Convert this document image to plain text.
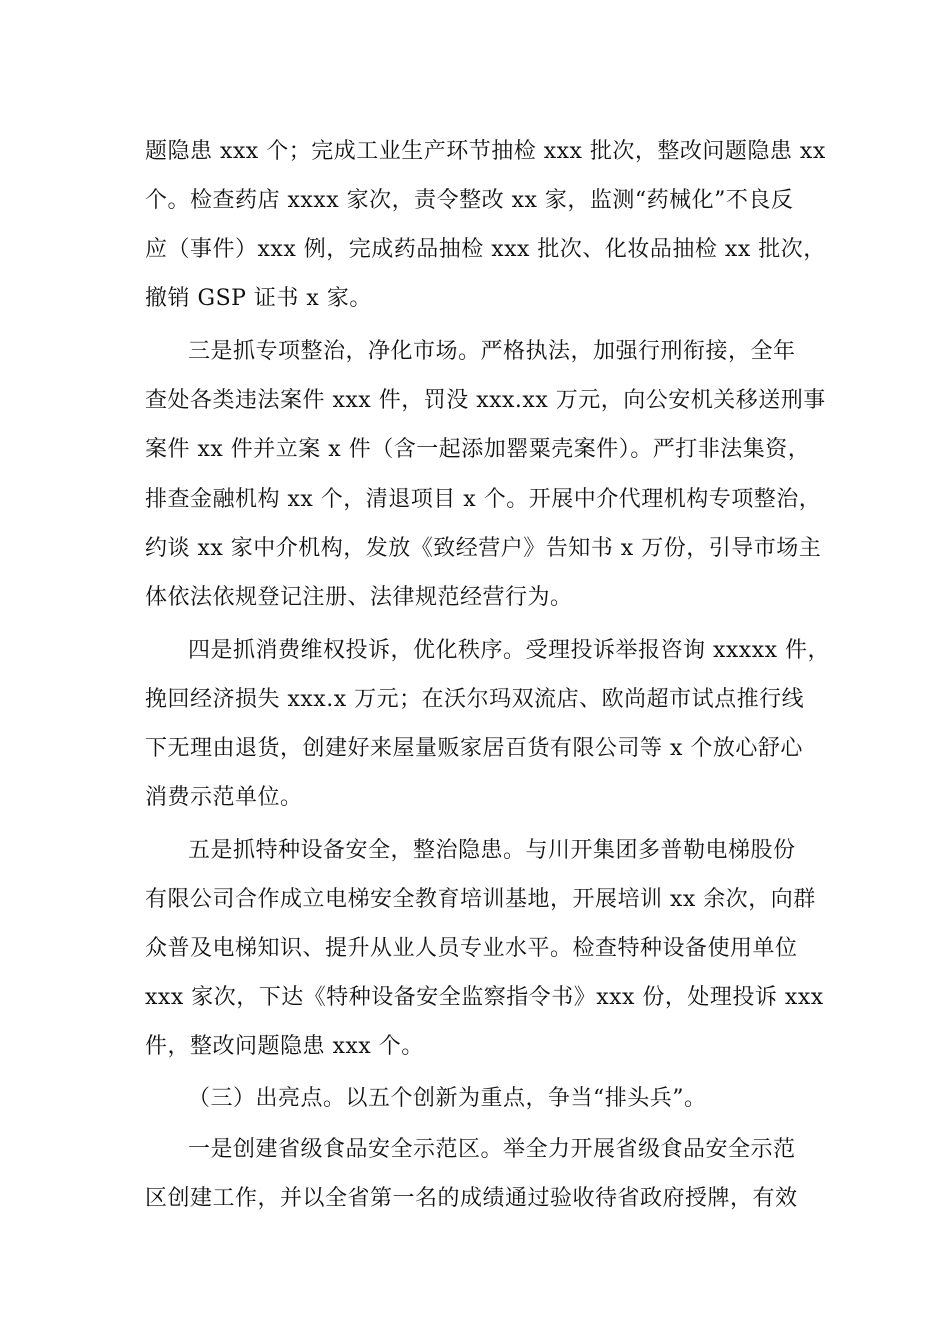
题隐患 xxx 个；完成工业生产环节抽检 xxx 批次，整改问题隐患 xx
个。检查药店 xxxx 家次，责令整改 xx 家，监测“药械化”不良反
应（事件）xxx 例，完成药品抽检 xxx 批次、化妆品抽检 xx 批次，
撤销 GSP 证书 x 家。
三是抓专项整治，净化市场。严格执法，加强行刑衔接，全年
查处各类违法案件 xxx 件，罚没 xxx.xx 万元，向公安机关移送刑事
案件 xx 件并立案 x 件（含一起添加罂粟壳案件）。严打非法集资，
排查金融机构 xx 个，清退项目 x 个。开展中介代理机构专项整治，
约谈 xx 家中介机构，发放《致经营户》告知书 x 万份，引导市场主
体依法依规登记注册、法律规范经营行为。
四是抓消费维权投诉，优化秩序。受理投诉举报咨询 xxxxx 件，
挽回经济损失 xxx.x 万元；在沃尔玛双流店、欧尚超市试点推行线
下无理由退货，创建好来屋量贩家居百货有限公司等 x 个放心舒心
消费示范单位。
五是抓特种设备安全，整治隐患。与川开集团多普勒电梯股份
有限公司合作成立电梯安全教育培训基地，开展培训 xx 余次，向群
众普及电梯知识、提升从业人员专业水平。检查特种设备使用单位
xxx 家次，下达《特种设备安全监察指令书》xxx 份，处理投诉 xxx
件，整改问题隐患 xxx 个。
（三）出亮点。以五个创新为重点，争当“排头兵”。
一是创建省级食品安全示范区。举全力开展省级食品安全示范
区创建工作，并以全省第一名的成绩通过验收待省政府授牌，有效
